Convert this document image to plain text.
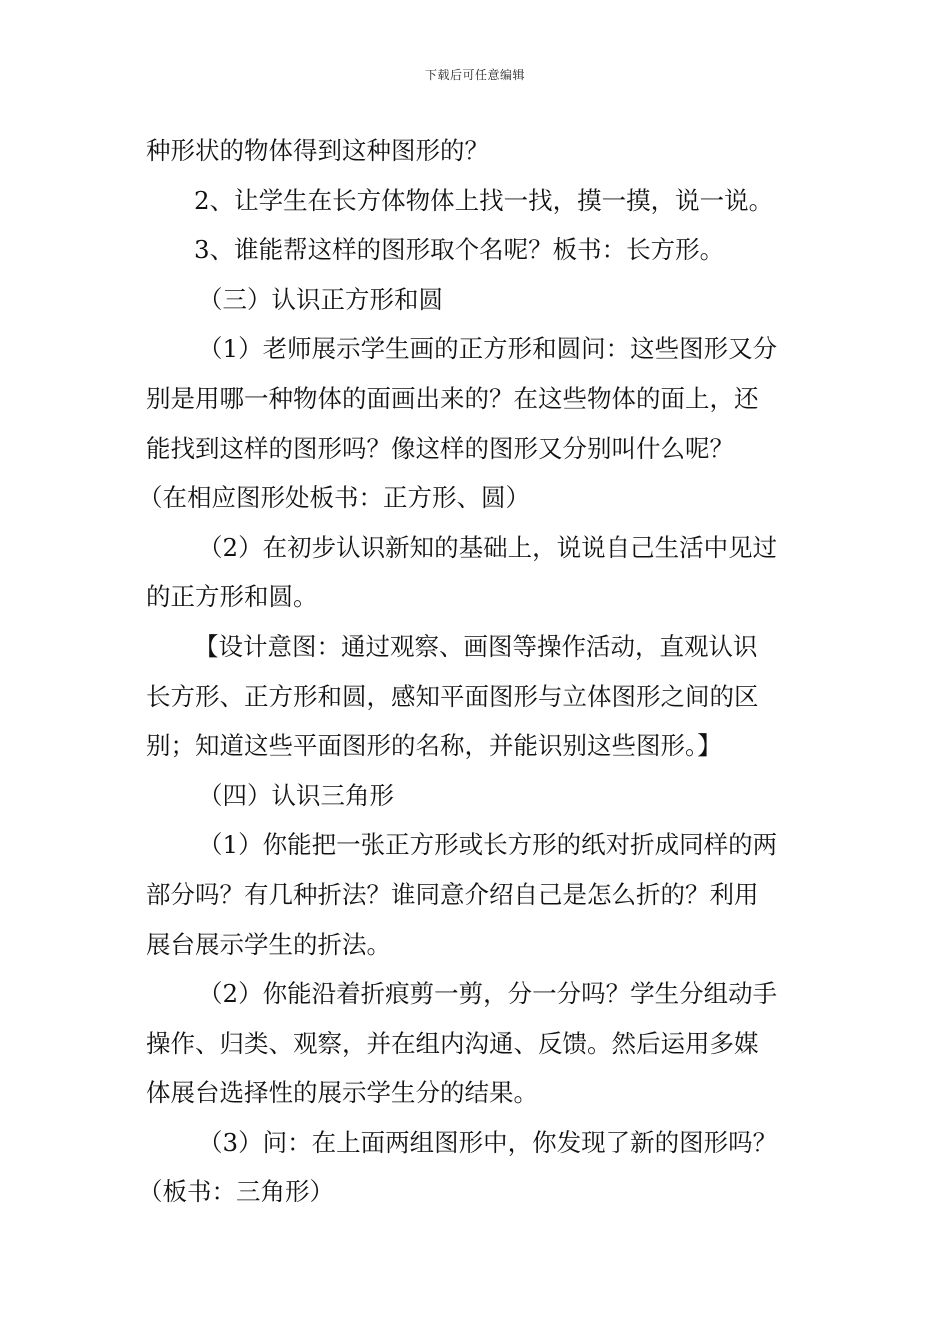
下载后可任意编辑
种形状的物体得到这种图形的？
2、让学生在长方体物体上找一找，摸一摸，说一说。
3、谁能帮这样的图形取个名呢？板书：长方形。
（三）认识正方形和圆
（1）老师展示学生画的正方形和圆问：这些图形又分
别是用哪一种物体的面画出来的？在这些物体的面上，还
能找到这样的图形吗？像这样的图形又分别叫什么呢？
（在相应图形处板书：正方形、圆）
（2）在初步认识新知的基础上，说说自己生活中见过
的正方形和圆。
【设计意图：通过观察、画图等操作活动，直观认识
长方形、正方形和圆，感知平面图形与立体图形之间的区
别；知道这些平面图形的名称，并能识别这些图形。】
（四）认识三角形
（1）你能把一张正方形或长方形的纸对折成同样的两
部分吗？有几种折法？谁同意介绍自己是怎么折的？利用
展台展示学生的折法。
（2）你能沿着折痕剪一剪，分一分吗？学生分组动手
操作、归类、观察，并在组内沟通、反馈。然后运用多媒
体展台选择性的展示学生分的结果。
（3）问：在上面两组图形中，你发现了新的图形吗？
（板书：三角形）
